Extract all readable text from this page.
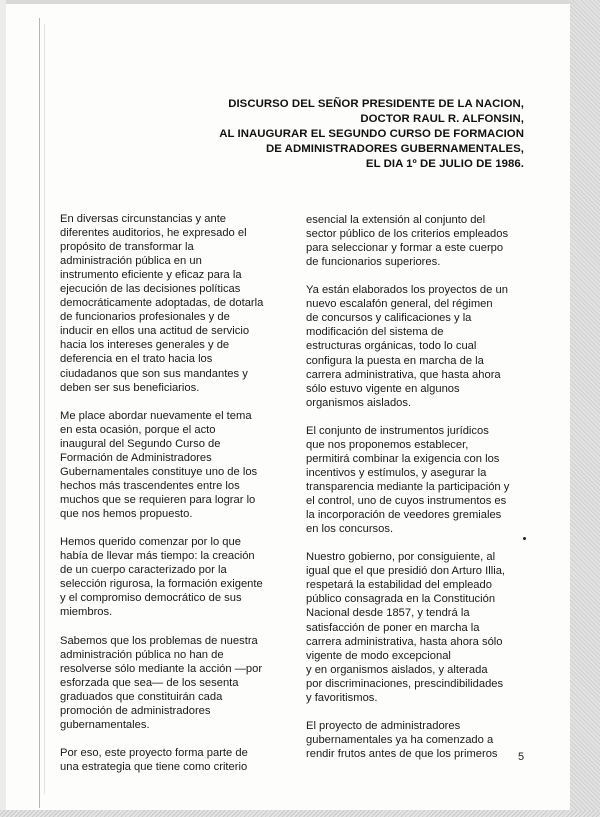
DISCURSO DEL SEÑOR PRESIDENTE DE LA NACION,
DOCTOR RAUL R. ALFONSIN,
AL INAUGURAR EL SEGUNDO CURSO DE FORMACION
DE ADMINISTRADORES GUBERNAMENTALES,
EL DIA 1º DE JULIO DE 1986.

En diversas circunstancias y ante
diferentes auditorios, he expresado el
propósito de transformar la
administración pública en un
instrumento eficiente y eficaz para la
ejecución de las decisiones políticas
democráticamente adoptadas, de dotarla
de funcionarios profesionales y de
inducir en ellos una actitud de servicio
hacia los intereses generales y de
deferencia en el trato hacia los
ciudadanos que son sus mandantes y
deben ser sus beneficiarios.

Me place abordar nuevamente el tema
en esta ocasión, porque el acto
inaugural del Segundo Curso de
Formación de Administradores
Gubernamentales constituye uno de los
hechos más trascendentes entre los
muchos que se requieren para lograr lo
que nos hemos propuesto.

Hemos querido comenzar por lo que
había de llevar más tiempo: la creación
de un cuerpo caracterizado por la
selección rigurosa, la formación exigente
y el compromiso democrático de sus
miembros.

Sabemos que los problemas de nuestra
administración pública no han de
resolverse sólo mediante la acción —por
esforzada que sea— de los sesenta
graduados que constituirán cada
promoción de administradores
gubernamentales.

Por eso, este proyecto forma parte de
una estrategia que tiene como criterio

esencial la extensión al conjunto del
sector público de los criterios empleados
para seleccionar y formar a este cuerpo
de funcionarios superiores.

Ya están elaborados los proyectos de un
nuevo escalafón general, del régimen
de concursos y calificaciones y la
modificación del sistema de
estructuras orgánicas, todo lo cual
configura la puesta en marcha de la
carrera administrativa, que hasta ahora
sólo estuvo vigente en algunos
organismos aislados.

El conjunto de instrumentos jurídicos
que nos proponemos establecer,
permitirá combinar la exigencia con los
incentivos y estímulos, y asegurar la
transparencia mediante la participación y
el control, uno de cuyos instrumentos es
la incorporación de veedores gremiales
en los concursos.

Nuestro gobierno, por consiguiente, al
igual que el que presidió don Arturo Illia,
respetará la estabilidad del empleado
público consagrada en la Constitución
Nacional desde 1857, y tendrá la
satisfacción de poner en marcha la
carrera administrativa, hasta ahora sólo
vigente de modo excepcional
y en organismos aislados, y alterada
por discriminaciones, prescindibilidades
y favoritismos.

El proyecto de administradores
gubernamentales ya ha comenzado a
rendir frutos antes de que los primeros	5
